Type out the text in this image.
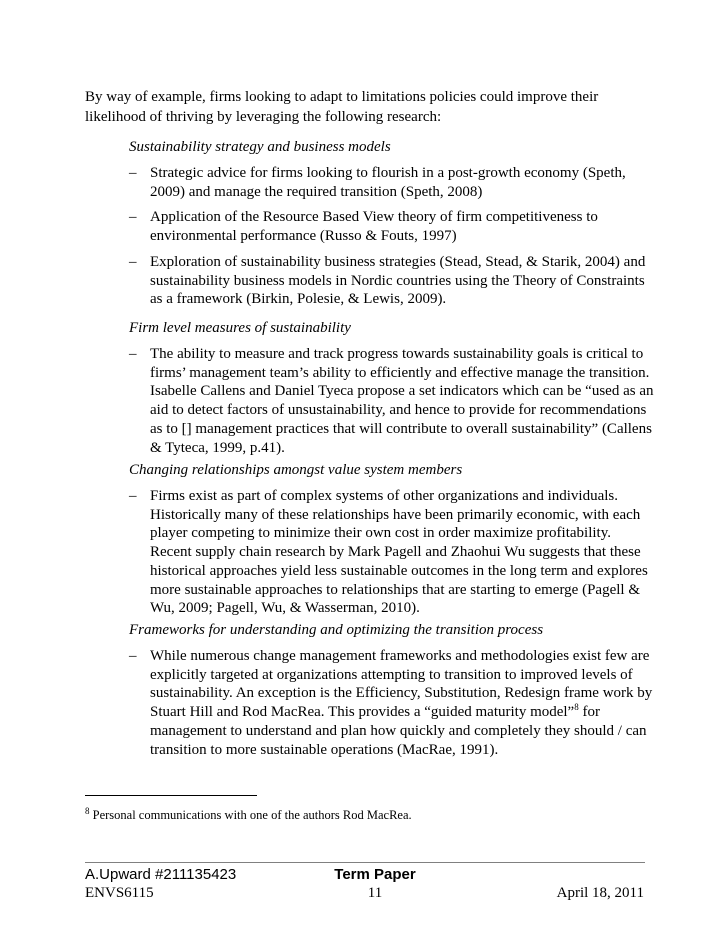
By way of example, firms looking to adapt to limitations policies could improve their likelihood of thriving by leveraging the following research:

Sustainability strategy and business models

– Strategic advice for firms looking to flourish in a post-growth economy (Speth, 2009) and manage the required transition (Speth, 2008)
– Application of the Resource Based View theory of firm competitiveness to environmental performance (Russo & Fouts, 1997)
– Exploration of sustainability business strategies (Stead, Stead, & Starik, 2004) and sustainability business models in Nordic countries using the Theory of Constraints as a framework (Birkin, Polesie, & Lewis, 2009).

Firm level measures of sustainability

– The ability to measure and track progress towards sustainability goals is critical to firms’ management team’s ability to efficiently and effective manage the transition. Isabelle Callens and Daniel Tyeca propose a set indicators which can be “used as an aid to detect factors of unsustainability, and hence to provide for recommendations as to [] management practices that will contribute to overall sustainability” (Callens & Tyteca, 1999, p.41).

Changing relationships amongst value system members

– Firms exist as part of complex systems of other organizations and individuals. Historically many of these relationships have been primarily economic, with each player competing to minimize their own cost in order maximize profitability. Recent supply chain research by Mark Pagell and Zhaohui Wu suggests that these historical approaches yield less sustainable outcomes in the long term and explores more sustainable approaches to relationships that are starting to emerge (Pagell & Wu, 2009; Pagell, Wu, & Wasserman, 2010).

Frameworks for understanding and optimizing the transition process

– While numerous change management frameworks and methodologies exist few are explicitly targeted at organizations attempting to transition to improved levels of sustainability. An exception is the Efficiency, Substitution, Redesign frame work by Stuart Hill and Rod MacRea. This provides a “guided maturity model”$^8$ for management to understand and plan how quickly and completely they should / can transition to more sustainable operations (MacRae, 1991).

$^8$ Personal communications with one of the authors Rod MacRea.

A.Upward #211135423
ENVS6115
Term Paper
11	April 18, 2011
